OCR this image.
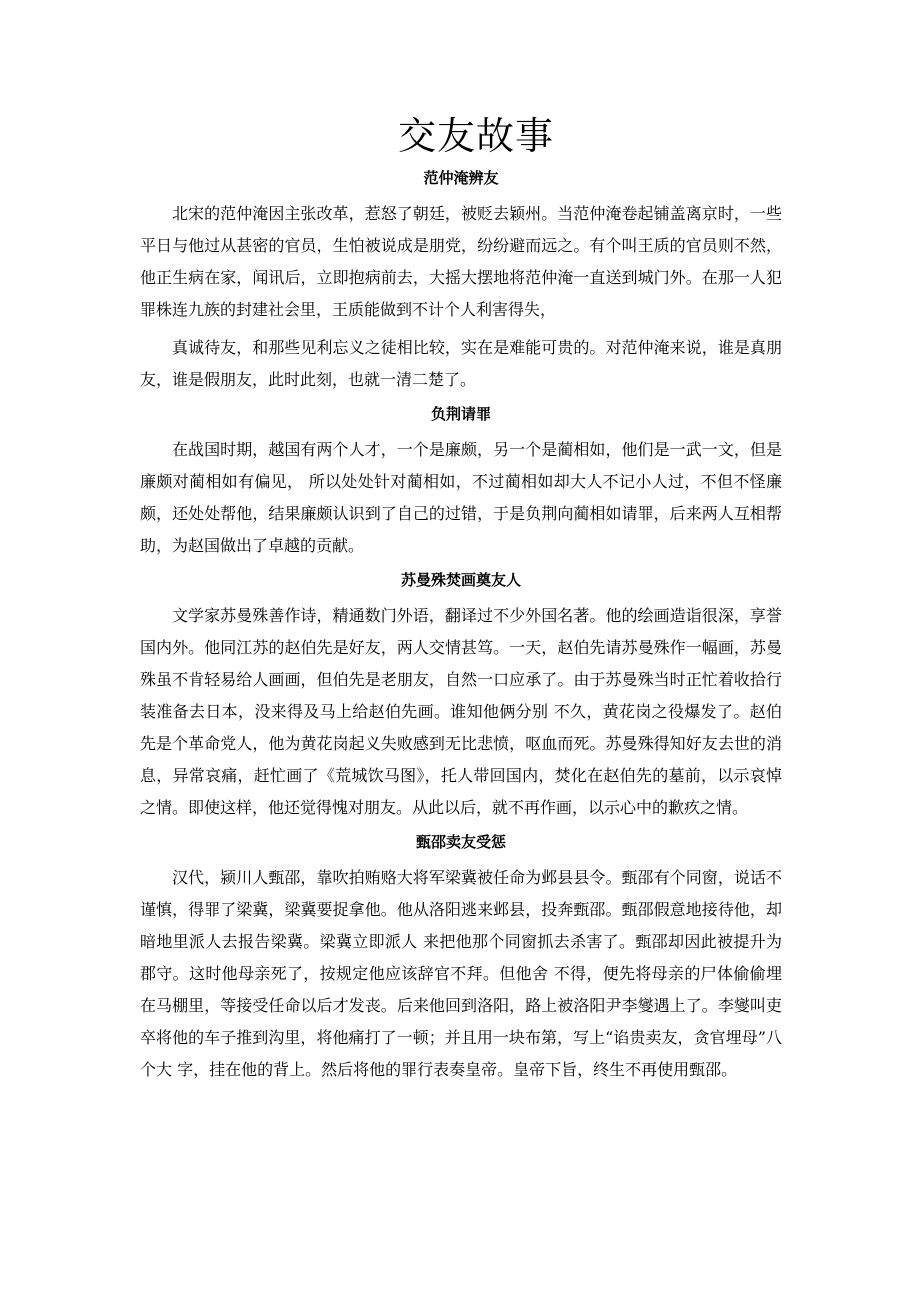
交友故事
范仲淹辨友

北宋的范仲淹因主张改革，惹怒了朝廷，被贬去颖州。当范仲淹卷起铺盖离京时，一些平日与他过从甚密的官员，生怕被说成是朋党，纷纷避而远之。有个叫王质的官员则不然，他正生病在家，闻讯后，立即抱病前去，大摇大摆地将范仲淹一直送到城门外。在那一人犯罪株连九族的封建社会里，王质能做到不计个人利害得失，

真诚待友，和那些见利忘义之徒相比较，实在是难能可贵的。对范仲淹来说，谁是真朋友，谁是假朋友，此时此刻，也就一清二楚了。

负荆请罪

在战国时期，越国有两个人才，一个是廉颇，另一个是蔺相如，他们是一武一文，但是廉颇对蔺相如有偏见， 所以处处针对蔺相如，不过蔺相如却大人不记小人过，不但不怪廉颇，还处处帮他，结果廉颇认识到了自己的过错，于是负荆向蔺相如请罪，后来两人互相帮助，为赵国做出了卓越的贡献。

苏曼殊焚画奠友人

文学家苏曼殊善作诗，精通数门外语，翻译过不少外国名著。他的绘画造诣很深，享誉国内外。他同江苏的赵伯先是好友，两人交情甚笃。一天，赵伯先请苏曼殊作一幅画，苏曼殊虽不肯轻易给人画画，但伯先是老朋友，自然一口应承了。由于苏曼殊当时正忙着收拾行装准备去日本，没来得及马上给赵伯先画。谁知他俩分别 不久，黄花岗之役爆发了。赵伯先是个革命党人，他为黄花岗起义失败感到无比悲愤，呕血而死。苏曼殊得知好友去世的消息，异常哀痛，赶忙画了《荒城饮马图》，托人带回国内，焚化在赵伯先的墓前，以示哀悼之情。即使这样，他还觉得愧对朋友。从此以后，就不再作画，以示心中的歉疚之情。

甄邵卖友受惩

汉代，颍川人甄邵，靠吹拍贿赂大将军梁冀被任命为邺县县令。甄邵有个同窗，说话不谨慎，得罪了梁冀，梁冀要捉拿他。他从洛阳逃来邺县，投奔甄邵。甄邵假意地接待他，却暗地里派人去报告梁冀。梁冀立即派人 来把他那个同窗抓去杀害了。甄邵却因此被提升为郡守。这时他母亲死了，按规定他应该辞官不拜。但他舍 不得，便先将母亲的尸体偷偷埋在马棚里，等接受任命以后才发丧。后来他回到洛阳，路上被洛阳尹李燮遇上了。李燮叫吏卒将他的车子推到沟里，将他痛打了一顿；并且用一块布第，写上“谄贵卖友，贪官埋母”八个大 字，挂在他的背上。然后将他的罪行表奏皇帝。皇帝下旨，终生不再使用甄邵。
